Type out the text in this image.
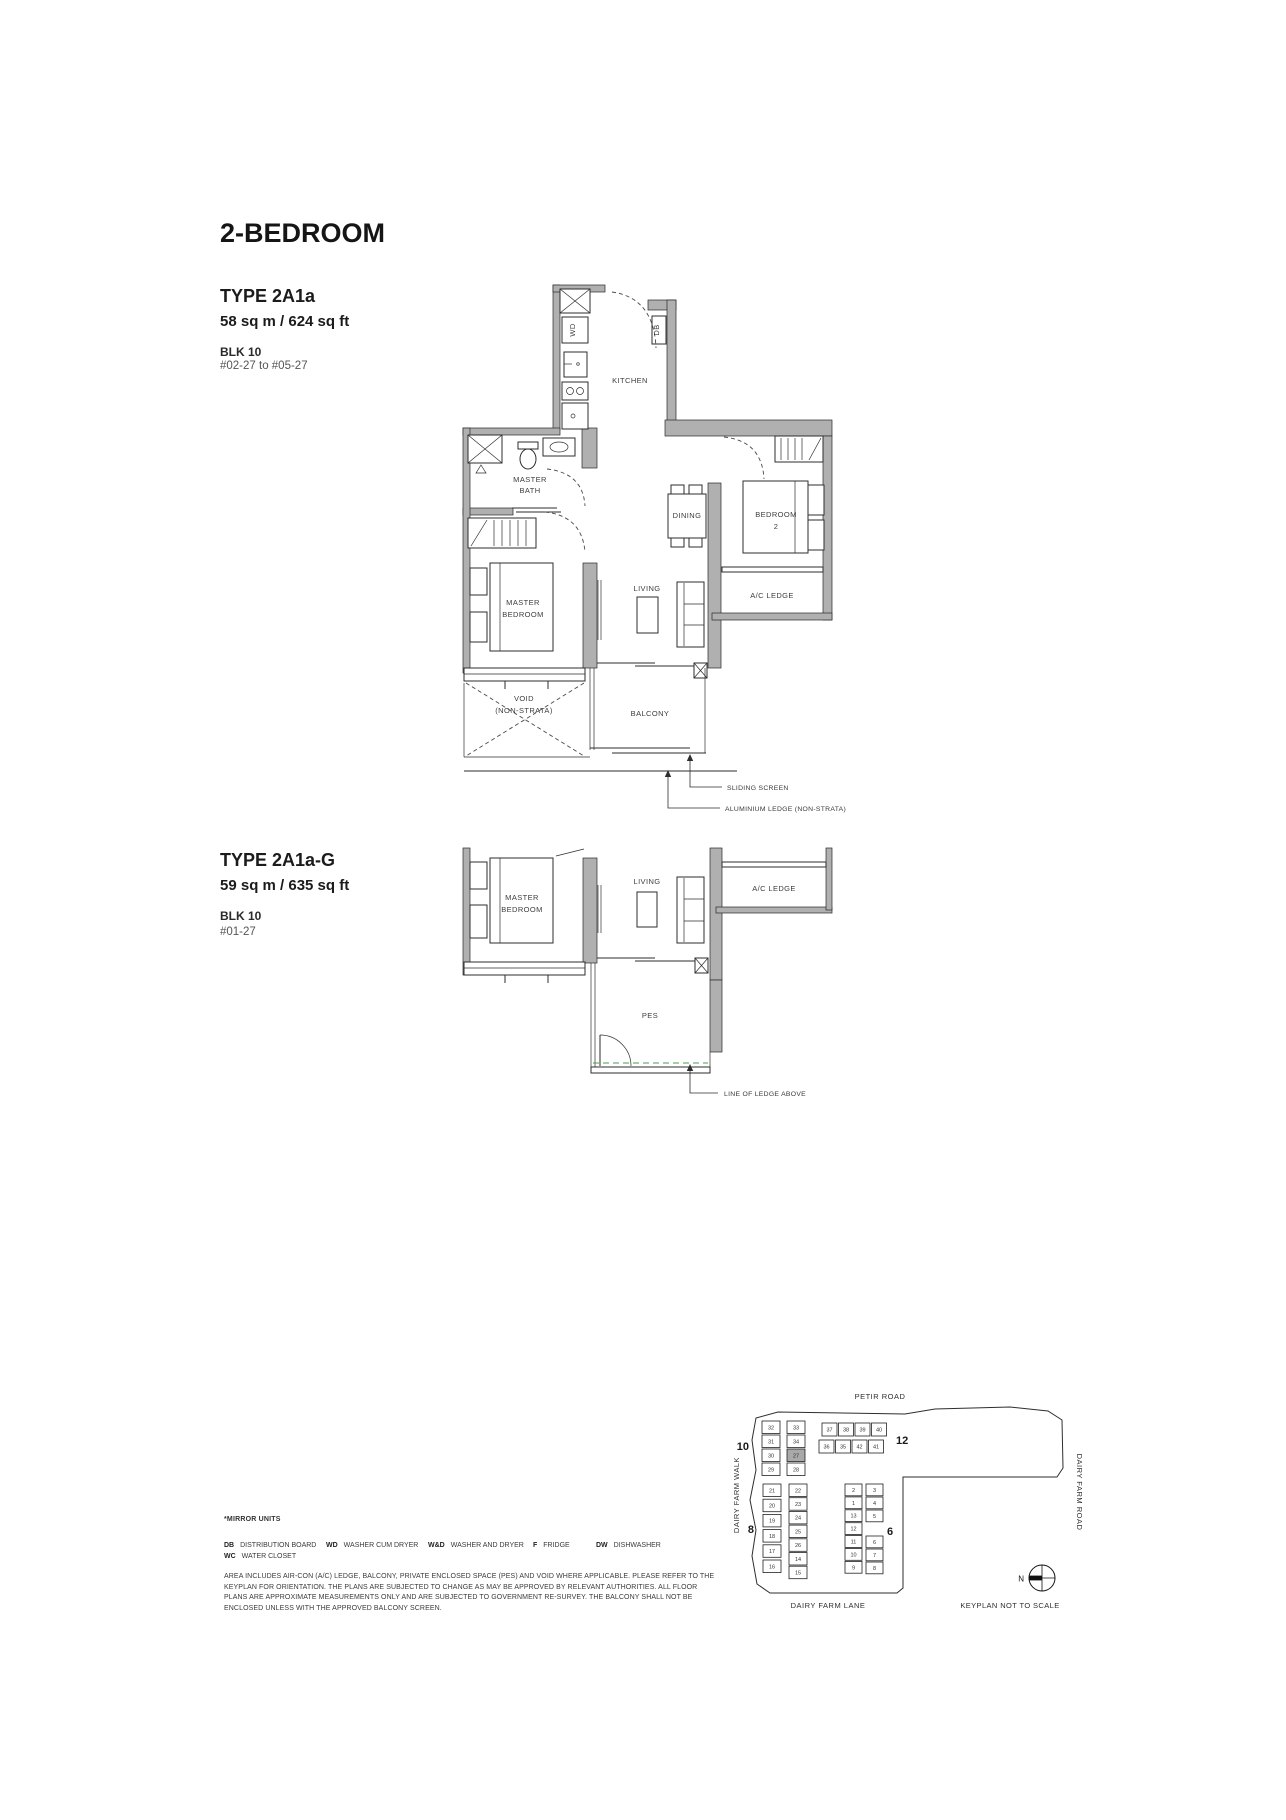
2-BEDROOM
TYPE 2A1a
58 sq m / 624 sq ft
BLK 10
#02-27 to #05-27
TYPE 2A1a-G
59 sq m / 635 sq ft
BLK 10
#01-27
KITCHEN
DB
WD
MASTER
BATH
DINING	BEDROOM
2
A/C LEDGE
LIVING
MASTER
BEDROOM
BALCONY
VOID
(NON-STRATA)
SLIDING SCREEN
ALUMINIUM LEDGE (NON-STRATA)
MASTER
BEDROOM
LIVING
A/C LEDGE
PES
LINE OF LEDGE ABOVE
32
31
30
29
33
34
27
28
37 38 39 40
36 35 42 41
21
20
19
18
17
16
22
23
24
25
26
14
15
2
1
13
12
11
10
9
3
4
5
6
7
8
10	12
8	6
PETIR ROAD
DAIRY FARM WALK	DAIRY FARM ROAD
DAIRY FARM LANE	KEYPLAN NOT TO SCALE
N
*MIRROR UNITS
DB DISTRIBUTION BOARD WD WASHER CUM DRYER W&D WASHER AND DRYER F FRIDGE	DW DISHWASHER
WC WATER CLOSET
AREA INCLUDES AIR-CON (A/C) LEDGE, BALCONY, PRIVATE ENCLOSED SPACE (PES) AND VOID WHERE APPLICABLE. PLEASE REFER TO THE KEYPLAN FOR ORIENTATION. THE PLANS ARE SUBJECTED TO CHANGE AS MAY BE APPROVED BY RELEVANT AUTHORITIES. ALL FLOOR PLANS ARE APPROXIMATE MEASUREMENTS ONLY AND ARE SUBJECTED TO GOVERNMENT RE-SURVEY. THE BALCONY SHALL NOT BE ENCLOSED UNLESS WITH THE APPROVED BALCONY SCREEN.
